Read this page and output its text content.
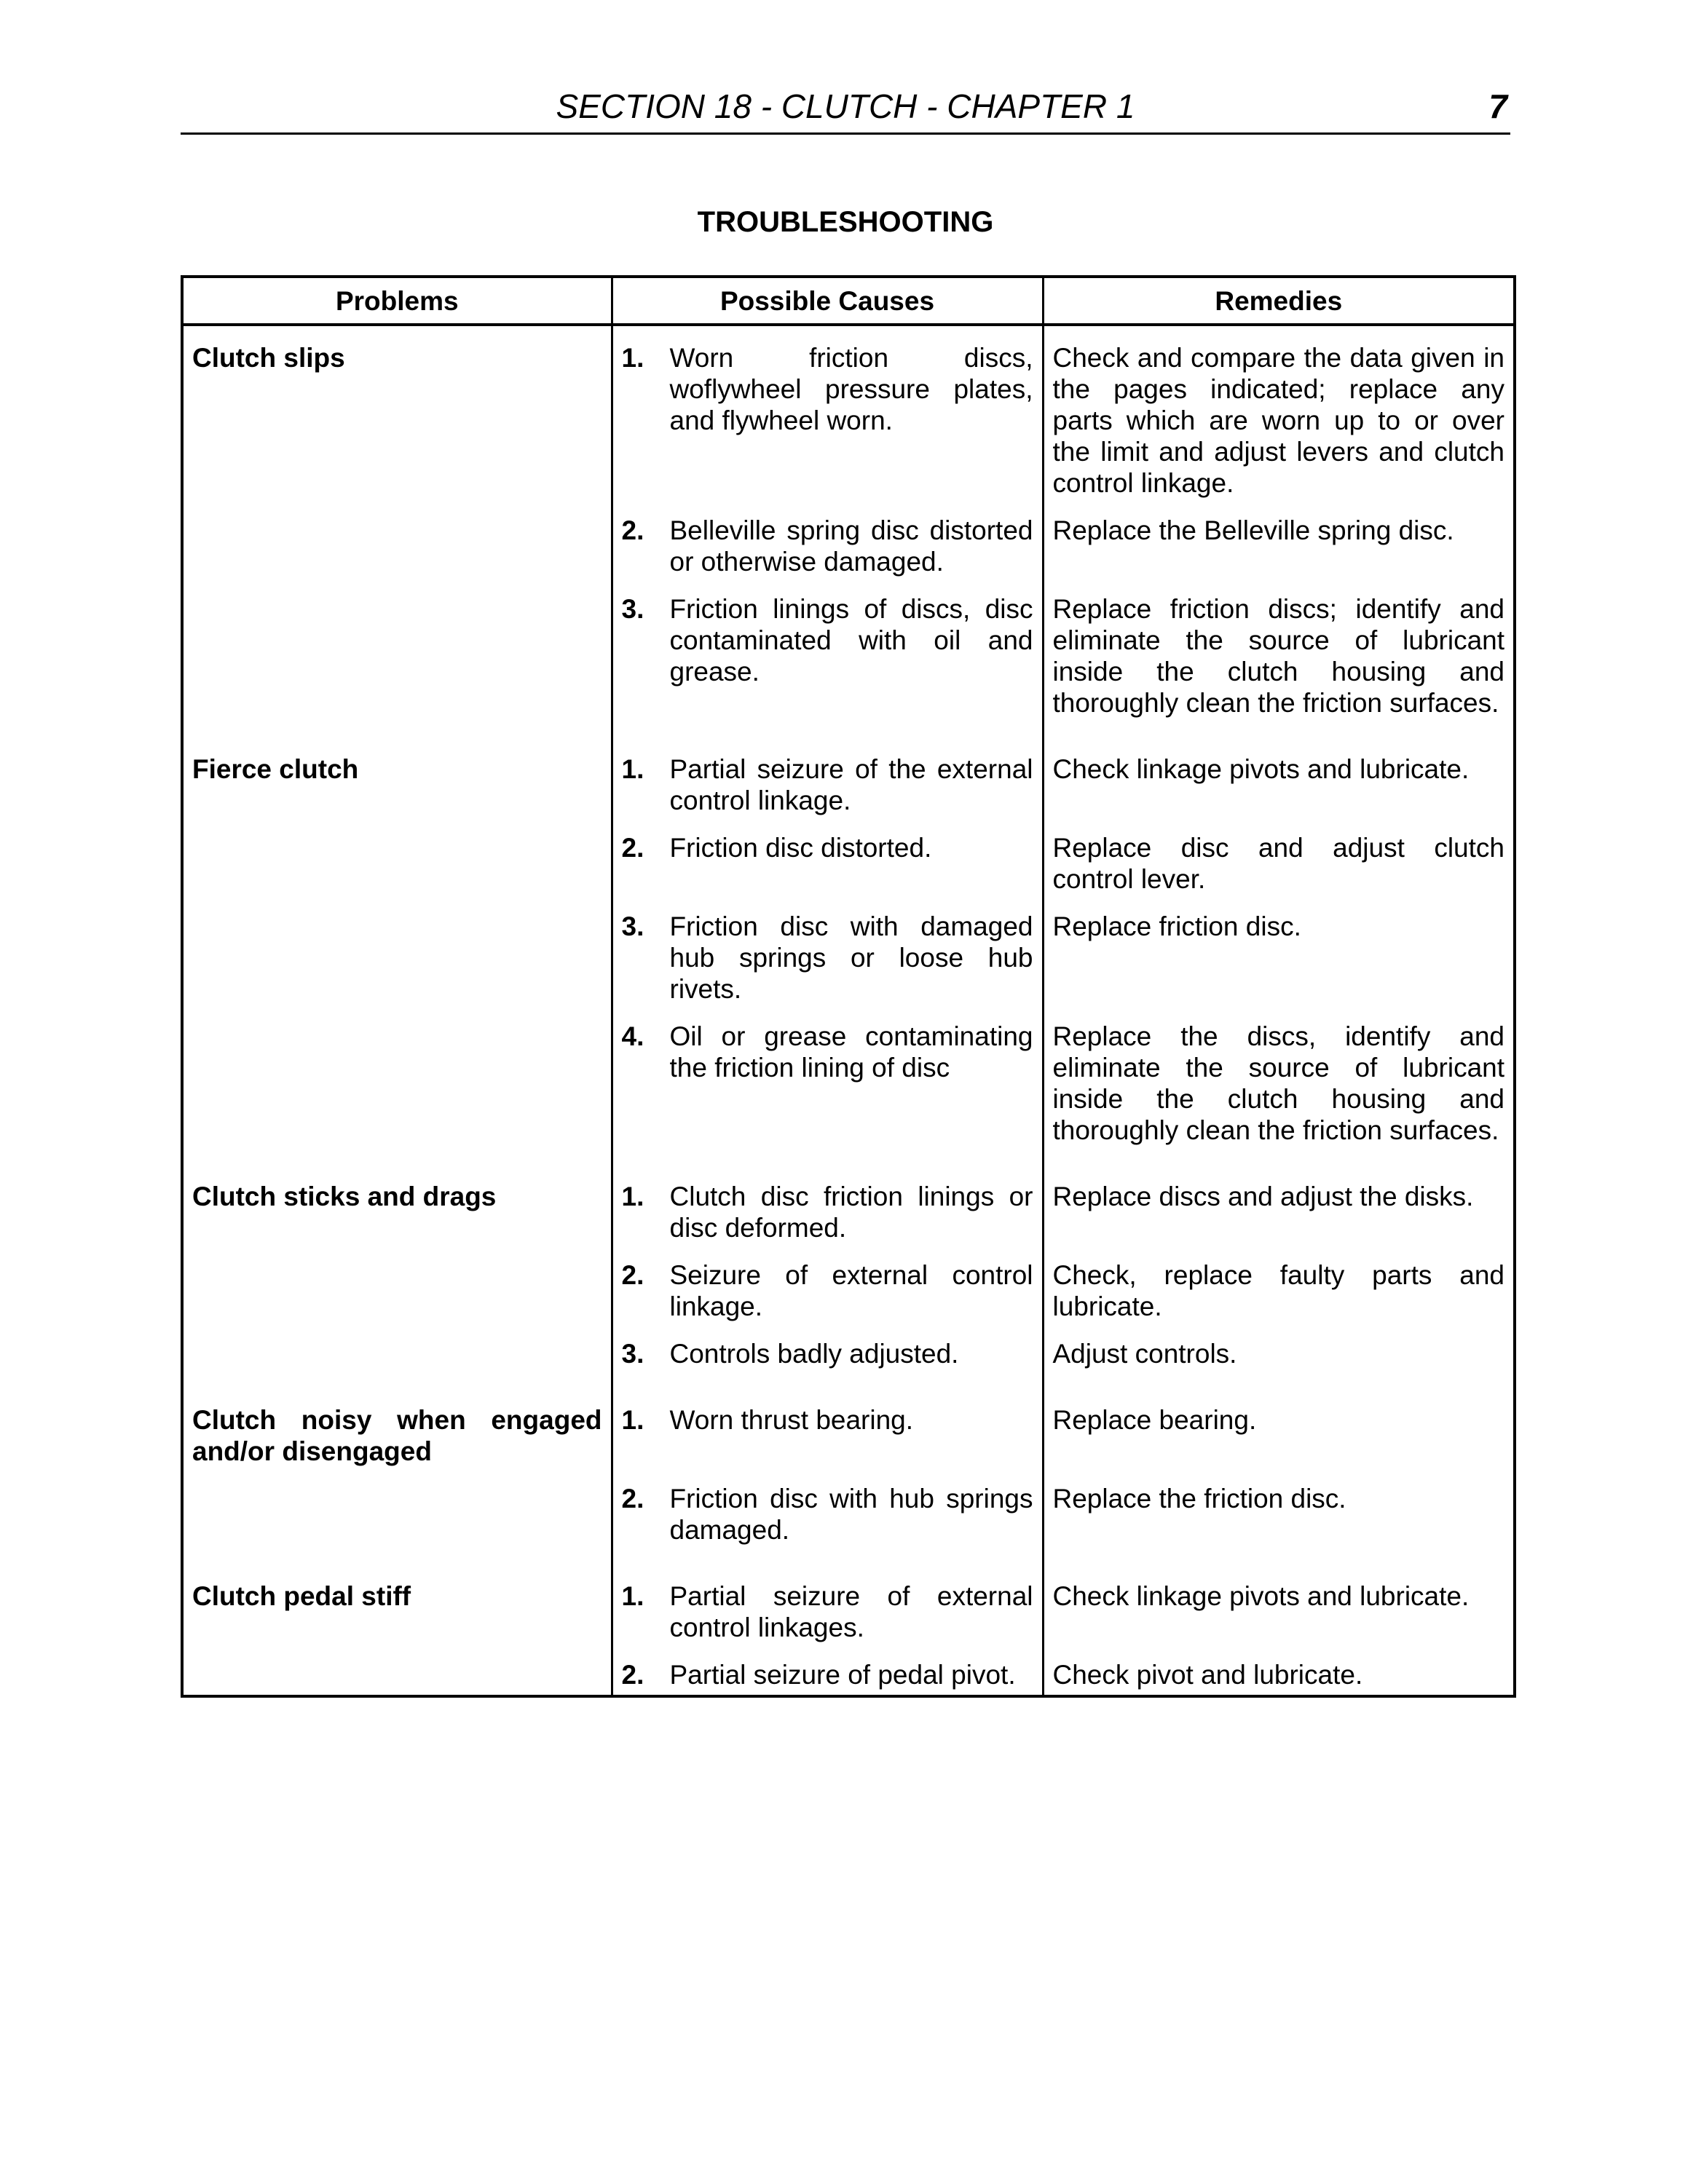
SECTION 18 - CLUTCH - CHAPTER 1	7
TROUBLESHOOTING
Problems	Possible Causes	Remedies

Clutch slips	1. Worn friction discs, woflywheel pressure plates, and flywheel worn.	Check and compare the data given in the pages indicated; replace any parts which are worn up to or over the limit and adjust levers and clutch control linkage.

	2. Belleville spring disc distorted or otherwise damaged.	Replace the Belleville spring disc.

	3. Friction linings of discs, disc contaminated with oil and grease.	Replace friction discs; identify and eliminate the source of lubricant inside the clutch housing and thoroughly clean the friction surfaces.

Fierce clutch	1. Partial seizure of the external control linkage.	Check linkage pivots and lubricate.

	2. Friction disc distorted.	Replace disc and adjust clutch control lever.

	3. Friction disc with damaged hub springs or loose hub rivets.	Replace friction disc.

	4. Oil or grease contaminating the friction lining of disc	Replace the discs, identify and eliminate the source of lubricant inside the clutch housing and thoroughly clean the friction surfaces.

Clutch sticks and drags	1. Clutch disc friction linings or disc deformed.	Replace discs and adjust the disks.

	2. Seizure of external control linkage.	Check, replace faulty parts and lubricate.

	3. Controls badly adjusted.	Adjust controls.

Clutch noisy when engaged and/or disengaged	1. Worn thrust bearing.	Replace bearing.

	2. Friction disc with hub springs damaged.	Replace the friction disc.

Clutch pedal stiff	1. Partial seizure of external control linkages.	Check linkage pivots and lubricate.

	2. Partial seizure of pedal pivot.	Check pivot and lubricate.
